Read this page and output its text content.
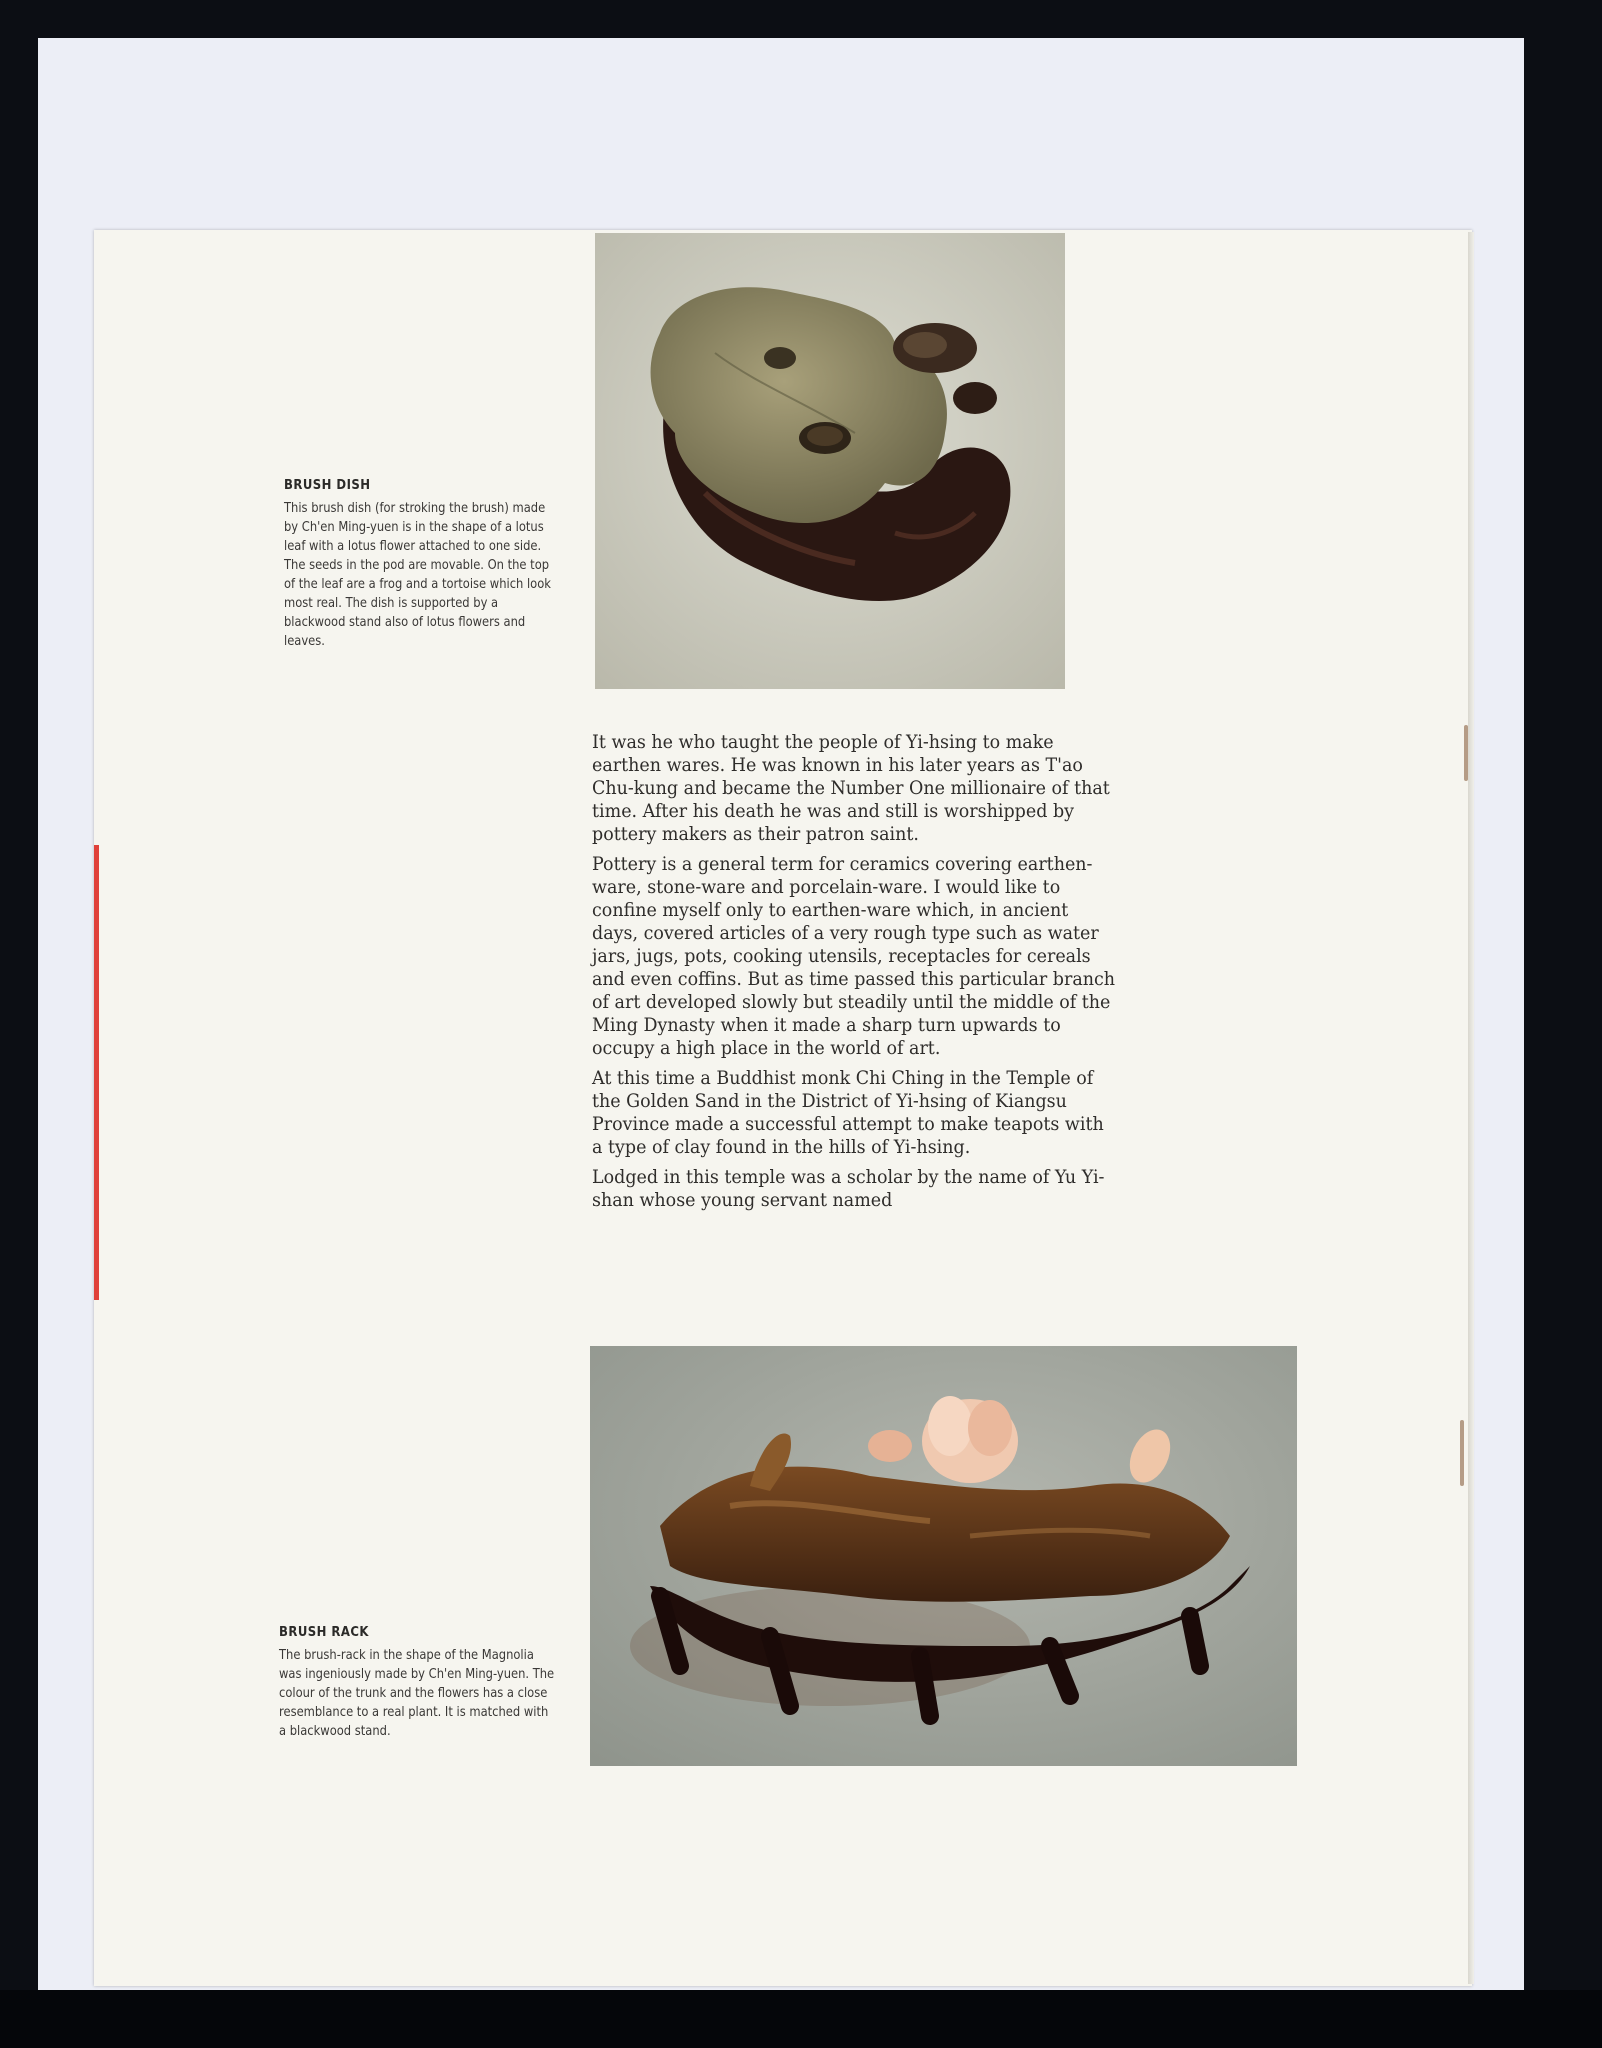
BRUSH DISH

This brush dish (for stroking the brush) made by Ch'en Ming-yuen is in the shape of a lotus leaf with a lotus flower attached to one side. The seeds in the pod are movable. On the top of the leaf are a frog and a tortoise which look most real. The dish is supported by a blackwood stand also of lotus flowers and leaves.

It was he who taught the people of Yi-hsing to make earthen wares. He was known in his later years as T'ao Chu-kung and became the Number One millionaire of that time. After his death he was and still is worshipped by pottery makers as their patron saint.

Pottery is a general term for ceramics covering earthen-ware, stone-ware and porcelain-ware. I would like to confine myself only to earthen-ware which, in ancient days, covered articles of a very rough type such as water jars, jugs, pots, cooking utensils, receptacles for cereals and even coffins. But as time passed this particular branch of art developed slowly but steadily until the middle of the Ming Dynasty when it made a sharp turn upwards to occupy a high place in the world of art.

At this time a Buddhist monk Chi Ching in the Temple of the Golden Sand in the District of Yi-hsing of Kiangsu Province made a successful attempt to make teapots with a type of clay found in the hills of Yi-hsing.

Lodged in this temple was a scholar by the name of Yu Yi-shan whose young servant named

BRUSH RACK

The brush-rack in the shape of the Magnolia was ingeniously made by Ch'en Ming-yuen. The colour of the trunk and the flowers has a close resemblance to a real plant. It is matched with a blackwood stand.
